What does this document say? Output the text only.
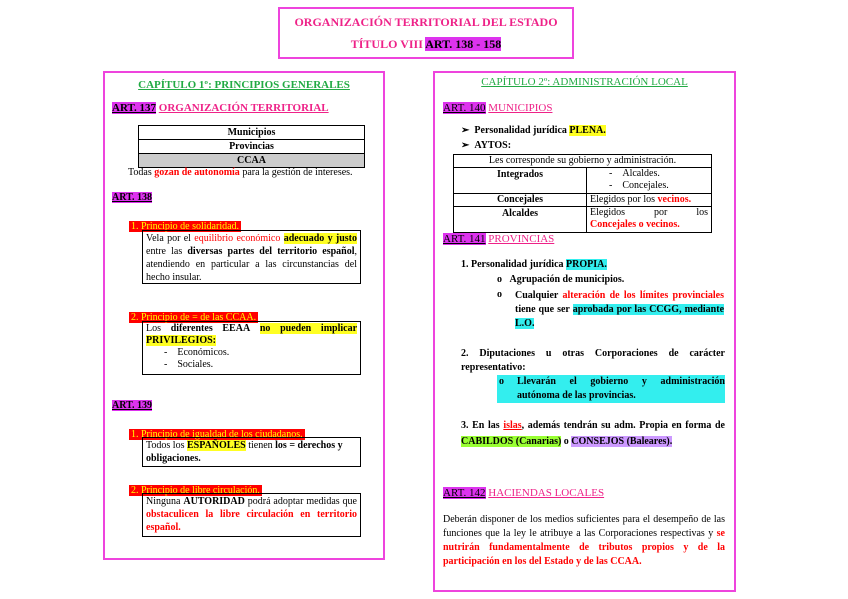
ORGANIZACIÓN TERRITORIAL DEL ESTADO
TÍTULO VIII ART. 138 - 158
CAPÍTULO 1º: PRINCIPIOS GENERALES
ART. 137 ORGANIZACIÓN TERRITORIAL
Municipios
Provincias
CCAA
Todas gozan de autonomía para la gestión de intereses.
ART. 138
1. Principio de solidaridad.
Vela por el equilibrio económico adecuado y justo entre las diversas partes del territorio español, atendiendo en particular a las circunstancias del hecho insular.
2. Principio de = de las CCAA.
Los diferentes EEAA no pueden implicar PRIVILEGIOS:
-    Económicos.
-    Sociales.
ART. 139
1. Principio de igualdad de los ciudadanos.
Todos los ESPAÑOLES tienen los = derechos y obligaciones.
2. Principio de libre circulación.
Ninguna AUTORIDAD podrá adoptar medidas que obstaculicen la libre circulación en territorio español.
CAPÍTULO 2º: ADMINISTRACIÓN LOCAL
ART. 140 MUNICIPIOS
➢  Personalidad jurídica PLENA.
➢  AYTOS:
Les corresponde su gobierno y administración.
Integrados	-    Alcaldes.
-    Concejales.
Concejales	Elegidos por los vecinos.
Alcaldes	Elegidos por los
Concejales o vecinos.
ART. 141 PROVINCIAS
1. Personalidad jurídica PROPIA.
o   Agrupación de municipios.
o Cualquier alteración de los límites provinciales tiene que ser aprobada por las CCGG, mediante L.O.
2. Diputaciones u otras Corporaciones de carácter representativo:
o Llevarán el gobierno y administración autónoma de las provincias.
3. En las islas, además tendrán su adm. Propia en forma de CABILDOS (Canarias) o CONSEJOS (Baleares).
ART. 142 HACIENDAS LOCALES
Deberán disponer de los medios suficientes para el desempeño de las funciones que la ley le atribuye a las Corporaciones respectivas y se nutrirán fundamentalmente de tributos propios y de la participación en los del Estado y de las CCAA.
